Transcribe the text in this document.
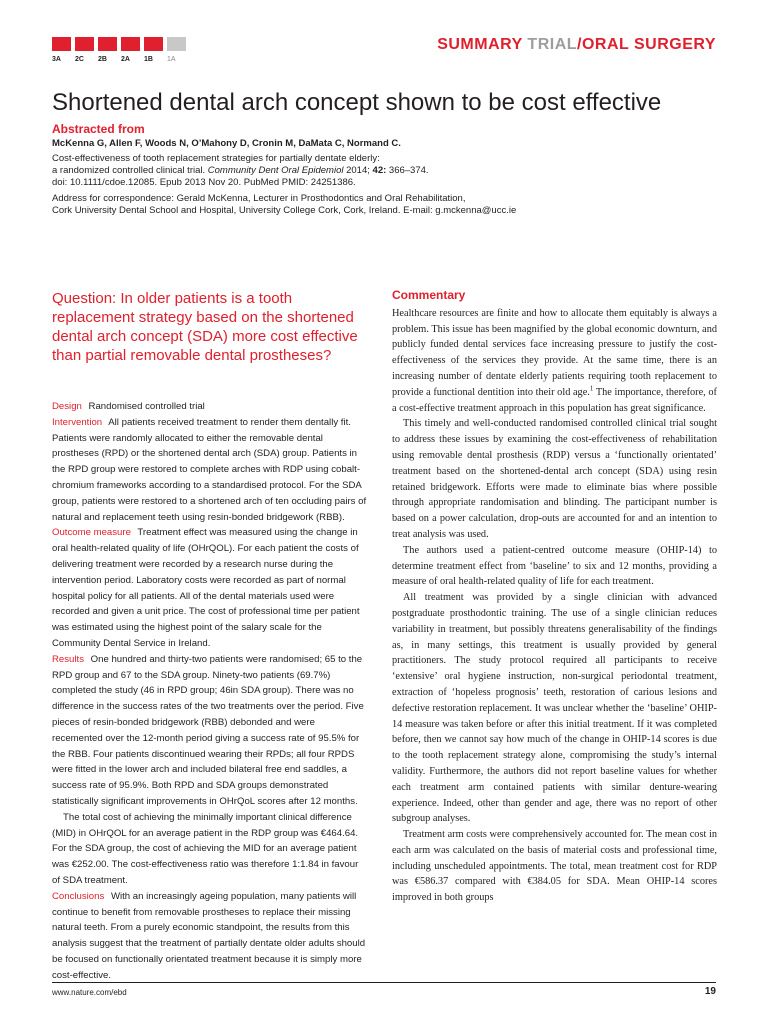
3A	2C	2B	2A	1B	1A
SUMMARY TRIAL/ORAL SURGERY
Shortened dental arch concept shown to be cost effective
Abstracted from
McKenna G, Allen F, Woods N, O’Mahony D, Cronin M, DaMata C, Normand C.
Cost-effectiveness of tooth replacement strategies for partially dentate elderly:
a randomized controlled clinical trial. Community Dent Oral Epidemiol 2014; 42: 366–374.
doi: 10.1111/cdoe.12085. Epub 2013 Nov 20. PubMed PMID: 24251386.
Address for correspondence: Gerald McKenna, Lecturer in Prosthodontics and Oral Rehabilitation,
Cork University Dental School and Hospital, University College Cork, Cork, Ireland. E-mail: g.mckenna@ucc.ie
Question: In older patients is a tooth replacement strategy based on the shortened dental arch concept (SDA) more cost effective than partial removable dental prostheses?

Design Randomised controlled trial

Intervention All patients received treatment to render them dentally fit. Patients were randomly allocated to either the removable dental prostheses (RPD) or the shortened dental arch (SDA) group. Patients in the RPD group were restored to complete arches with RDP using cobalt-chromium frameworks according to a standardised protocol. For the SDA group, patients were restored to a shortened arch of ten occluding pairs of natural and replacement teeth using resin-bonded bridgework (RBB).

Outcome measure Treatment effect was measured using the change in oral health-related quality of life (OHrQOL). For each patient the costs of delivering treatment were recorded by a research nurse during the intervention period. Laboratory costs were recorded as part of normal hospital policy for all patients. All of the dental materials used were recorded and given a unit price. The cost of professional time per patient was estimated using the highest point of the salary scale for the Community Dental Service in Ireland.

Results One hundred and thirty-two patients were randomised; 65 to the RPD group and 67 to the SDA group. Ninety-two patients (69.7%) completed the study (46 in RPD group; 46in SDA group). There was no difference in the success rates of the two treatments over the period. Five pieces of resin-bonded bridgework (RBB) debonded and were recemented over the 12-month period giving a success rate of 95.5% for the RBB. Four patients discontinued wearing their RPDs; all four RPDS were fitted in the lower arch and included bilateral free end saddles, a success rate of 95.9%. Both RPD and SDA groups demonstrated statistically significant improvements in OHrQoL scores after 12 months.

The total cost of achieving the minimally important clinical difference (MID) in OHrQOL for an average patient in the RDP group was €464.64. For the SDA group, the cost of achieving the MID for an average patient was €252.00. The cost-effectiveness ratio was therefore 1:1.84 in favour of SDA treatment.

Conclusions With an increasingly ageing population, many patients will continue to benefit from removable prostheses to replace their missing natural teeth. From a purely economic standpoint, the results from this analysis suggest that the treatment of partially dentate older adults should be focused on functionally orientated treatment because it is simply more cost-effective.

Commentary

Healthcare resources are finite and how to allocate them equitably is always a problem. This issue has been magnified by the global economic downturn, and publicly funded dental services face increasing pressure to justify the cost-effectiveness of the services they provide. At the same time, there is an increasing number of dentate elderly patients requiring tooth replacement to provide a functional dentition into their old age.$^1$ The importance, therefore, of a cost-effective treatment approach in this population has great significance.

This timely and well-conducted randomised controlled clinical trial sought to address these issues by examining the cost-effectiveness of rehabilitation using removable dental prosthesis (RDP) versus a ‘functionally orientated’ treatment based on the shortened-dental arch concept (SDA) using resin retained bridgework. Efforts were made to eliminate bias where possible through appropriate randomisation and blinding. The participant number is based on a power calculation, drop-outs are accounted for and an intention to treat analysis was used.

The authors used a patient-centred outcome measure (OHIP-14) to determine treatment effect from ‘baseline’ to six and 12 months, providing a measure of oral health-related quality of life for each treatment.

All treatment was provided by a single clinician with advanced postgraduate prosthodontic training. The use of a single clinician reduces variability in treatment, but possibly threatens generalisability of the findings as, in many settings, this treatment is usually provided by general practitioners. The study protocol required all participants to receive ‘extensive’ oral hygiene instruction, non-surgical periodontal treatment, extraction of ‘hopeless prognosis’ teeth, restoration of carious lesions and defective restoration replacement. It was unclear whether the ‘baseline’ OHIP-14 measure was taken before or after this initial treatment. If it was completed before, then we cannot say how much of the change in OHIP-14 scores is due to the tooth replacement strategy alone, compromising the study’s internal validity. Furthermore, the authors did not report baseline values for whether each treatment arm contained patients with similar denture-wearing experience. Indeed, other than gender and age, there was no report of other subgroup analyses.

Treatment arm costs were comprehensively accounted for. The mean cost in each arm was calculated on the basis of material costs and professional time, including unscheduled appointments. The total, mean treatment cost for RDP was €586.37 compared with €384.05 for SDA. Mean OHIP-14 scores improved in both groups

www.nature.com/ebd	19
